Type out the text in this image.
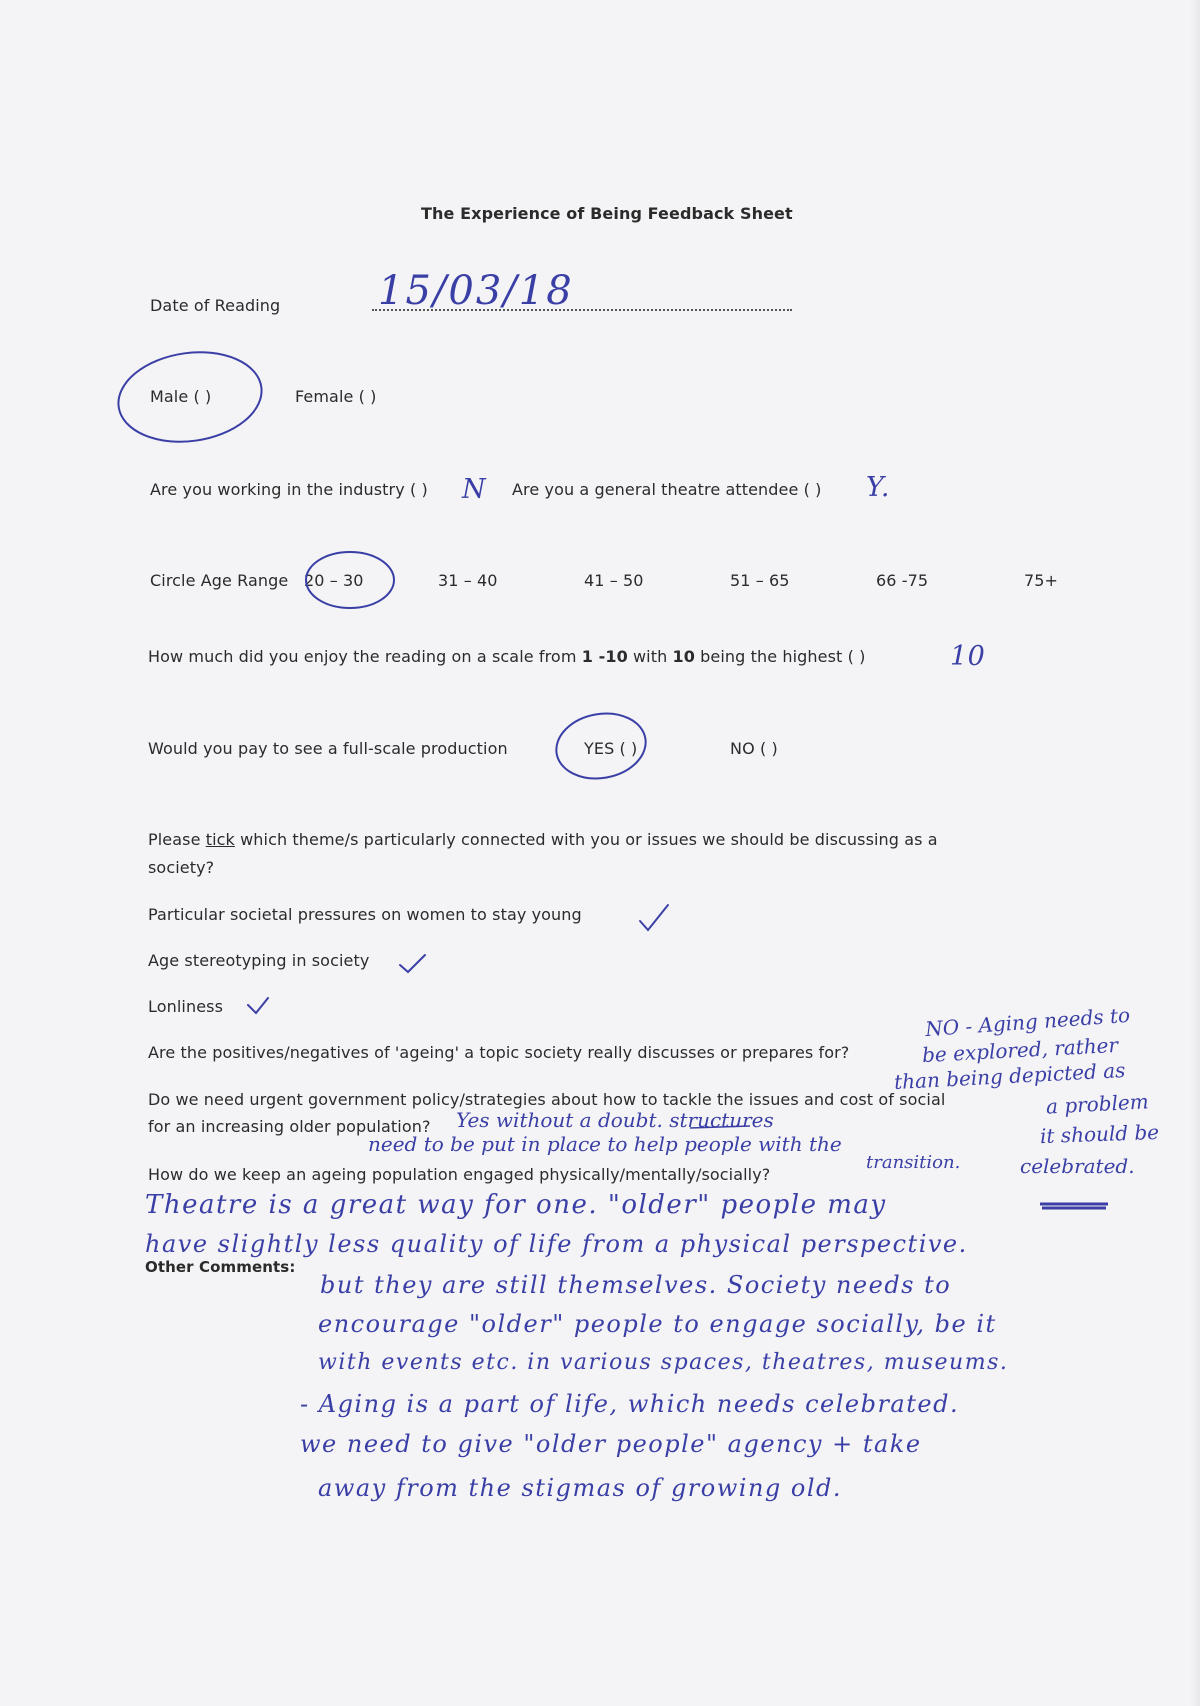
The Experience of Being Feedback Sheet
Date of Reading 15/03/18
Male ( )	Female ( )
Are you working in the industry ( ) N Are you a general theatre attendee ( ) Y.
Circle Age Range 20 – 30	31 – 40	41 – 50	51 – 65	66 -75	75+
How much did you enjoy the reading on a scale from 1 -10 with 10 being the highest ( )	10
Would you pay to see a full-scale production	YES ( )	NO ( )
Please tick which theme/s particularly connected with you or issues we should be discussing as a
society?
Particular societal pressures on women to stay young
Age stereotyping in society
Lonliness
Are the positives/negatives of 'ageing' a topic society really discusses or prepares for?
Do we need urgent government policy/strategies about how to tackle the issues and cost of social
for an increasing older population?
How do we keep an ageing population engaged physically/mentally/socially?
Other Comments:
NO - Aging needs to
be explored, rather
than being depicted as
a problem
it should be
celebrated.
Yes without a doubt. structures
need to be put in place to help people with the
transition.
Theatre is a great way for one. "older" people may
have slightly less quality of life from a physical perspective.
but they are still themselves. Society needs to
encourage "older" people to engage socially, be it
with events etc. in various spaces, theatres, museums.
- Aging is a part of life, which needs celebrated.
we need to give "older people" agency + take
away from the stigmas of growing old.
